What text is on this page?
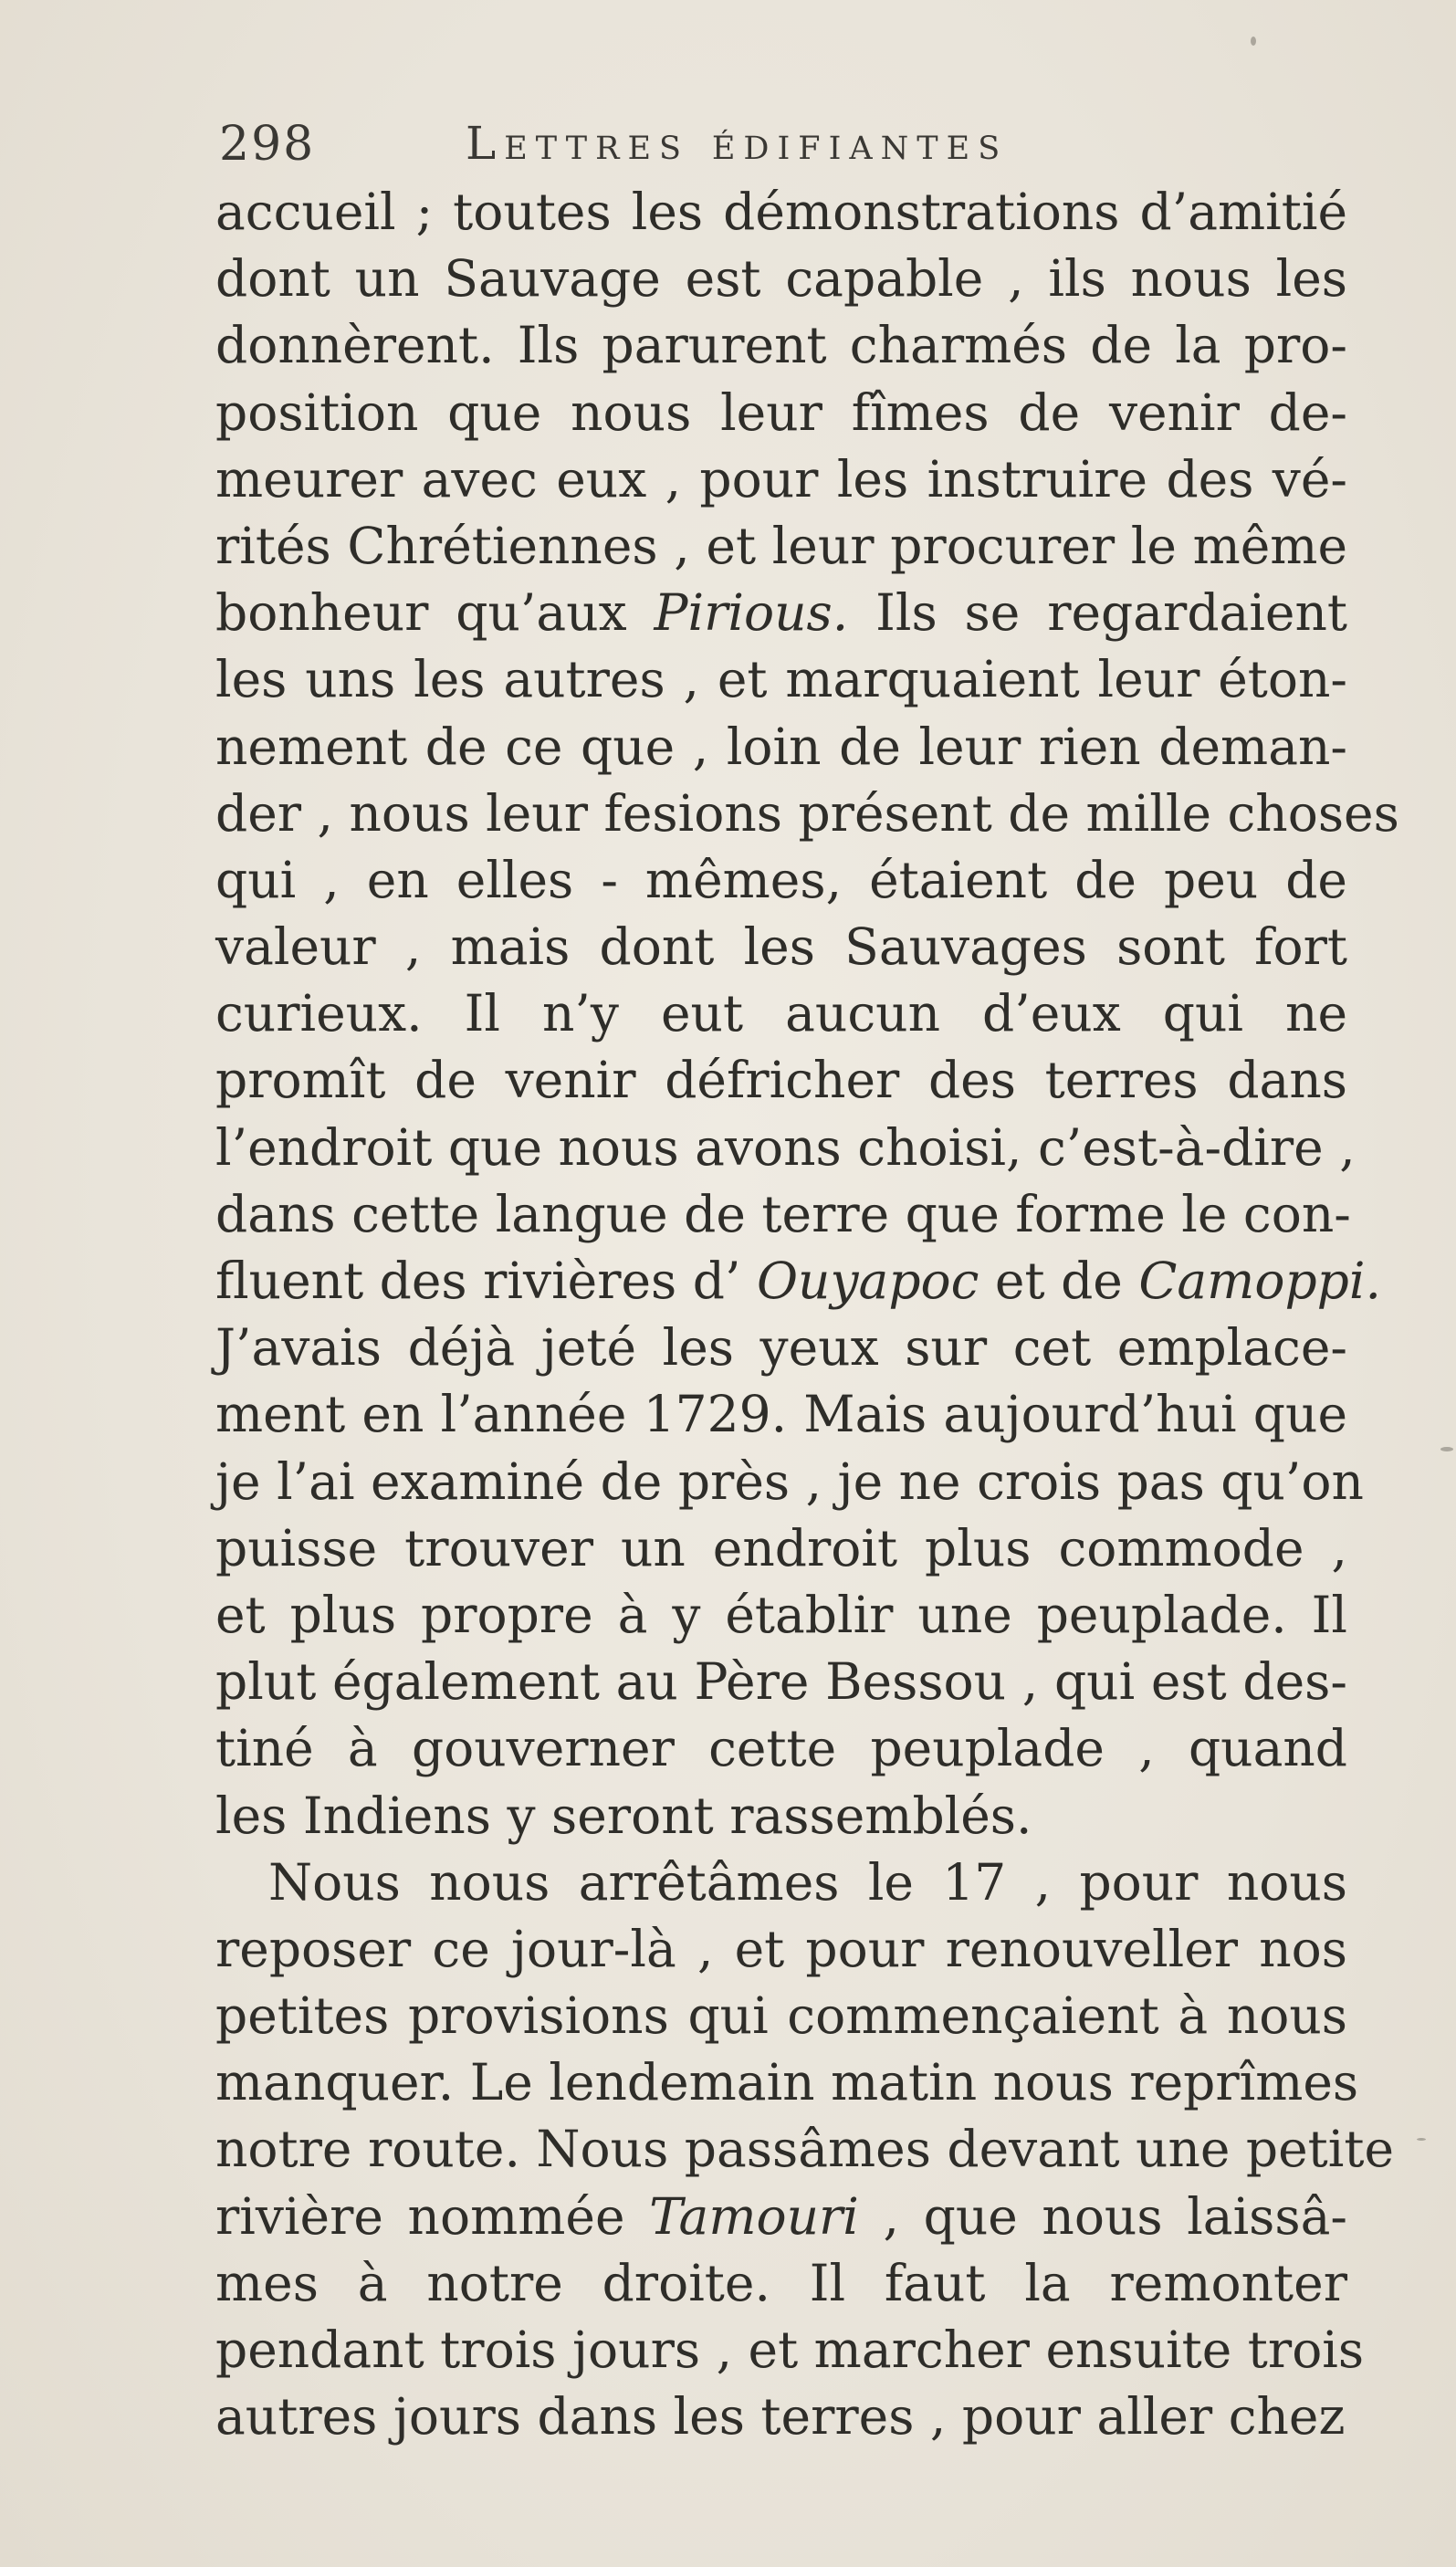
298	Lettres édifiantes
accueil ; toutes les démonstrations d’amitié
dont un Sauvage est capable , ils nous les
donnèrent. Ils parurent charmés de la pro-
position que nous leur fîmes de venir de-
meurer avec eux , pour les instruire des vé-
rités Chrétiennes , et leur procurer le même
bonheur qu’aux Pirious. Ils se regardaient
les uns les autres , et marquaient leur éton-
nement de ce que , loin de leur rien deman-
der , nous leur fesions présent de mille choses
qui , en elles - mêmes, étaient de peu de
valeur , mais dont les Sauvages sont fort
curieux. Il n’y eut aucun d’eux qui ne
promît de venir défricher des terres dans
l’endroit que nous avons choisi, c’est-à-dire ,
dans cette langue de terre que forme le con-
fluent des rivières d’ Ouyapoc et de Camoppi.
J’avais déjà jeté les yeux sur cet emplace-
ment en l’année 1729. Mais aujourd’hui que
je l’ai examiné de près , je ne crois pas qu’on
puisse trouver un endroit plus commode ,
et plus propre à y établir une peuplade. Il
plut également au Père Bessou , qui est des-
tiné à gouverner cette peuplade , quand
les Indiens y seront rassemblés.
Nous nous arrêtâmes le 17 , pour nous
reposer ce jour-là , et pour renouveller nos
petites provisions qui commençaient à nous
manquer. Le lendemain matin nous reprîmes
notre route. Nous passâmes devant une petite
rivière nommée Tamouri , que nous laissâ-
mes à notre droite. Il faut la remonter
pendant trois jours , et marcher ensuite trois
autres jours dans les terres , pour aller chez
